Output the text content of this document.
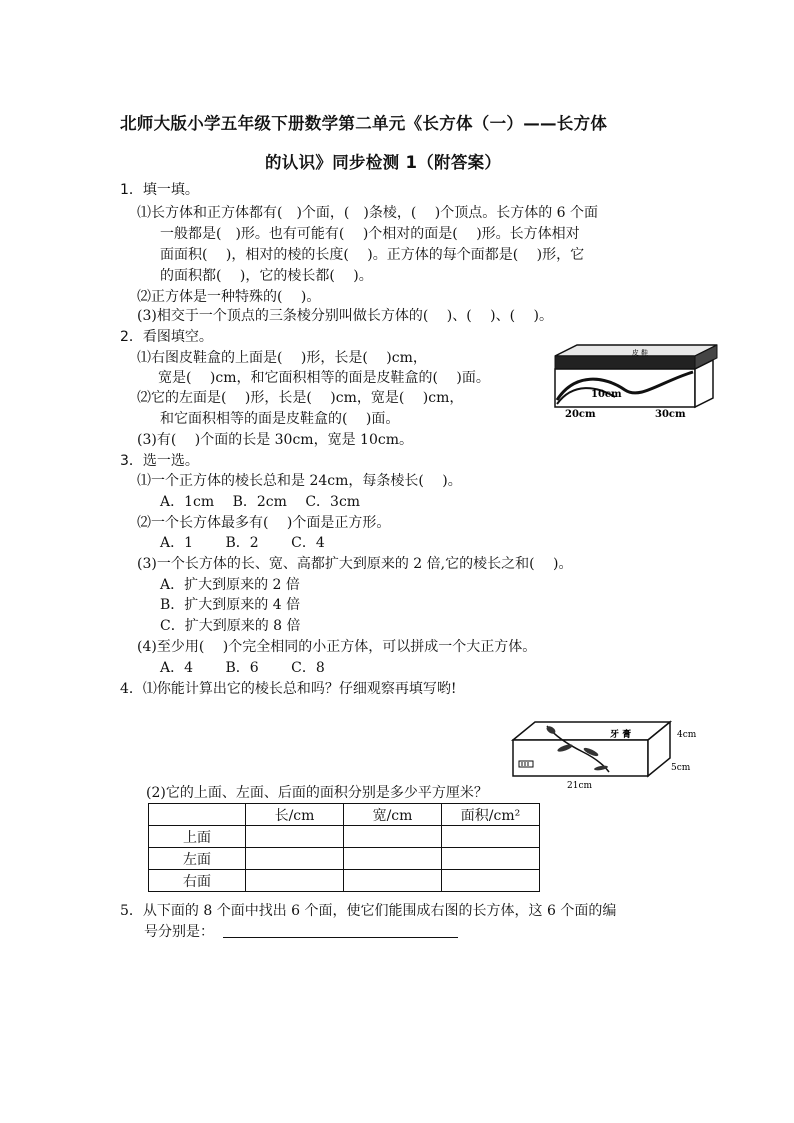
北师大版小学五年级下册数学第二单元《长方体（一）——长方体
的认识》同步检测 1（附答案）
1．填一填。
⑴长方体和正方体都有(　)个面，(　)条棱，(　 )个顶点。长方体的 6 个面
一般都是(　)形。也有可能有(　 )个相对的面是(　 )形。长方体相对
面面积(　 )，相对的棱的长度(　 )。正方体的每个面都是(　 )形，它
的面积都(　 )，它的棱长都(　 )。
⑵正方体是一种特殊的(　 )。
(3)相交于一个顶点的三条棱分别叫做长方体的(　 )、(　 )、(　 )。
2．看图填空。
⑴右图皮鞋盒的上面是(　 )形，长是(　 )cm，
宽是(　 )cm，和它面积相等的面是皮鞋盒的(　 )面。
⑵它的左面是(　 )形，长是(　 )cm，宽是(　 )cm，
和它面积相等的面是皮鞋盒的(　 )面。
(3)有(　 )个面的长是 30cm，宽是 10cm。
皮 鞋
10cm
20cm	30cm
3．选一选。
⑴一个正方体的棱长总和是 24cm，每条棱长(　 )。
A．1cm　 B．2cm　 C．3cm
⑵一个长方体最多有(　 )个面是正方形。
A．1　　 B．2　　 C．4
(3)一个长方体的长、宽、高都扩大到原来的 2 倍,它的棱长之和(　 )。
A．扩大到原来的 2 倍
B．扩大到原来的 4 倍
C．扩大到原来的 8 倍
(4)至少用(　 )个完全相同的小正方体，可以拼成一个大正方体。
A．4　　 B．6　　 C．8
4．⑴你能计算出它的棱长总和吗？仔细观察再填写哟!
牙 膏	4cm
5cm
21cm
(2)它的上面、左面、后面的面积分别是多少平方厘米？
	长/cm	宽/cm	面积/cm²
上面			
左面			
右面			
5．从下面的 8 个面中找出 6 个面，使它们能围成右图的长方体，这 6 个面的编
号分别是：
